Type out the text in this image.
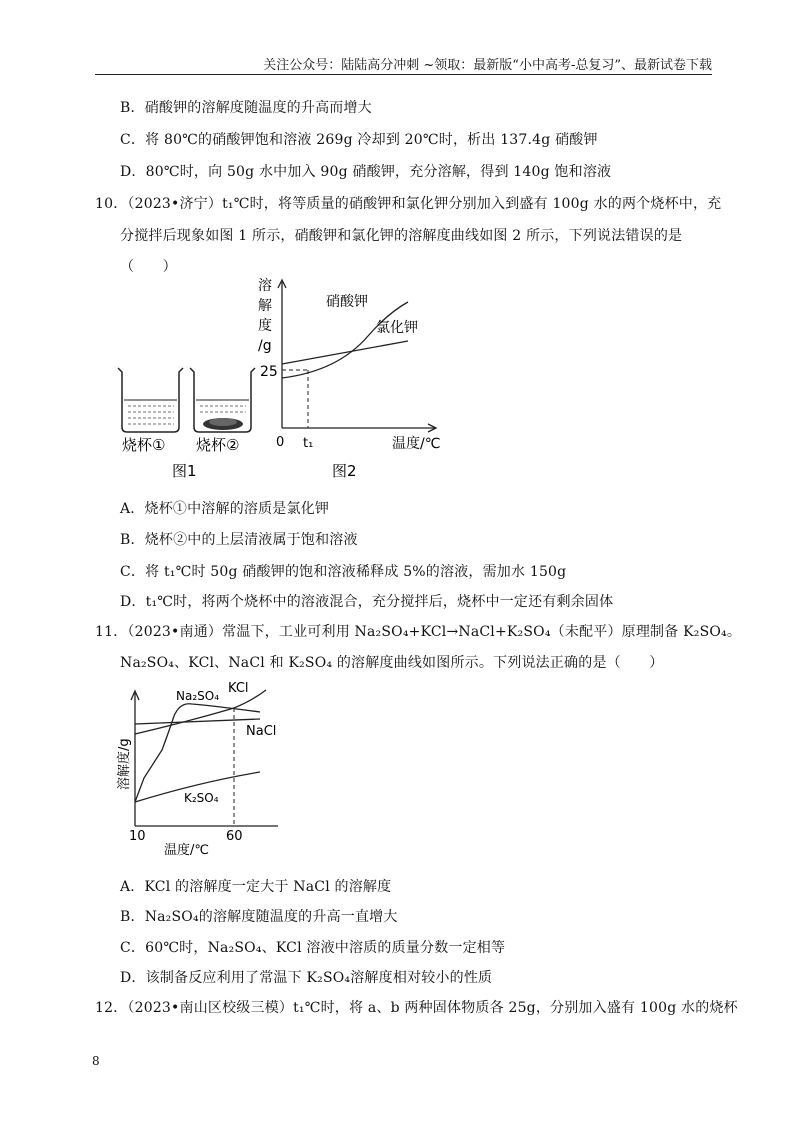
关注公众号：陆陆高分冲刺 ~领取：最新版“小中高考-总复习”、最新试卷下载
B．硝酸钾的溶解度随温度的升高而增大
C．将 80℃的硝酸钾饱和溶液 269g 冷却到 20℃时，析出 137.4g 硝酸钾
D．80℃时，向 50g 水中加入 90g 硝酸钾，充分溶解，得到 140g 饱和溶液
10．（2023•济宁）t₁℃时，将等质量的硝酸钾和氯化钾分别加入到盛有 100g 水的两个烧杯中，充
分搅拌后现象如图 1 所示，硝酸钾和氯化钾的溶解度曲线如图 2 所示，下列说法错误的是
（　　）
烧杯① 烧杯②
图1
溶
解
度
/g
25
0 t₁	温度/℃
硝酸钾
氯化钾
图2
A．烧杯①中溶解的溶质是氯化钾
B．烧杯②中的上层清液属于饱和溶液
C．将 t₁℃时 50g 硝酸钾的饱和溶液稀释成 5%的溶液，需加水 150g
D．t₁℃时，将两个烧杯中的溶液混合，充分搅拌后，烧杯中一定还有剩余固体
11．（2023•南通）常温下，工业可利用 Na₂SO₄+KCl→NaCl+K₂SO₄（未配平）原理制备 K₂SO₄。
Na₂SO₄、KCl、NaCl 和 K₂SO₄ 的溶解度曲线如图所示。下列说法正确的是（　　）
溶解度/g
Na₂SO₄ KCl
NaCl
K₂SO₄
10	60
温度/℃
A．KCl 的溶解度一定大于 NaCl 的溶解度
B．Na₂SO₄的溶解度随温度的升高一直增大
C．60℃时，Na₂SO₄、KCl 溶液中溶质的质量分数一定相等
D．该制备反应利用了常温下 K₂SO₄溶解度相对较小的性质
12．（2023•南山区校级三模）t₁℃时，将 a、b 两种固体物质各 25g，分别加入盛有 100g 水的烧杯
8
